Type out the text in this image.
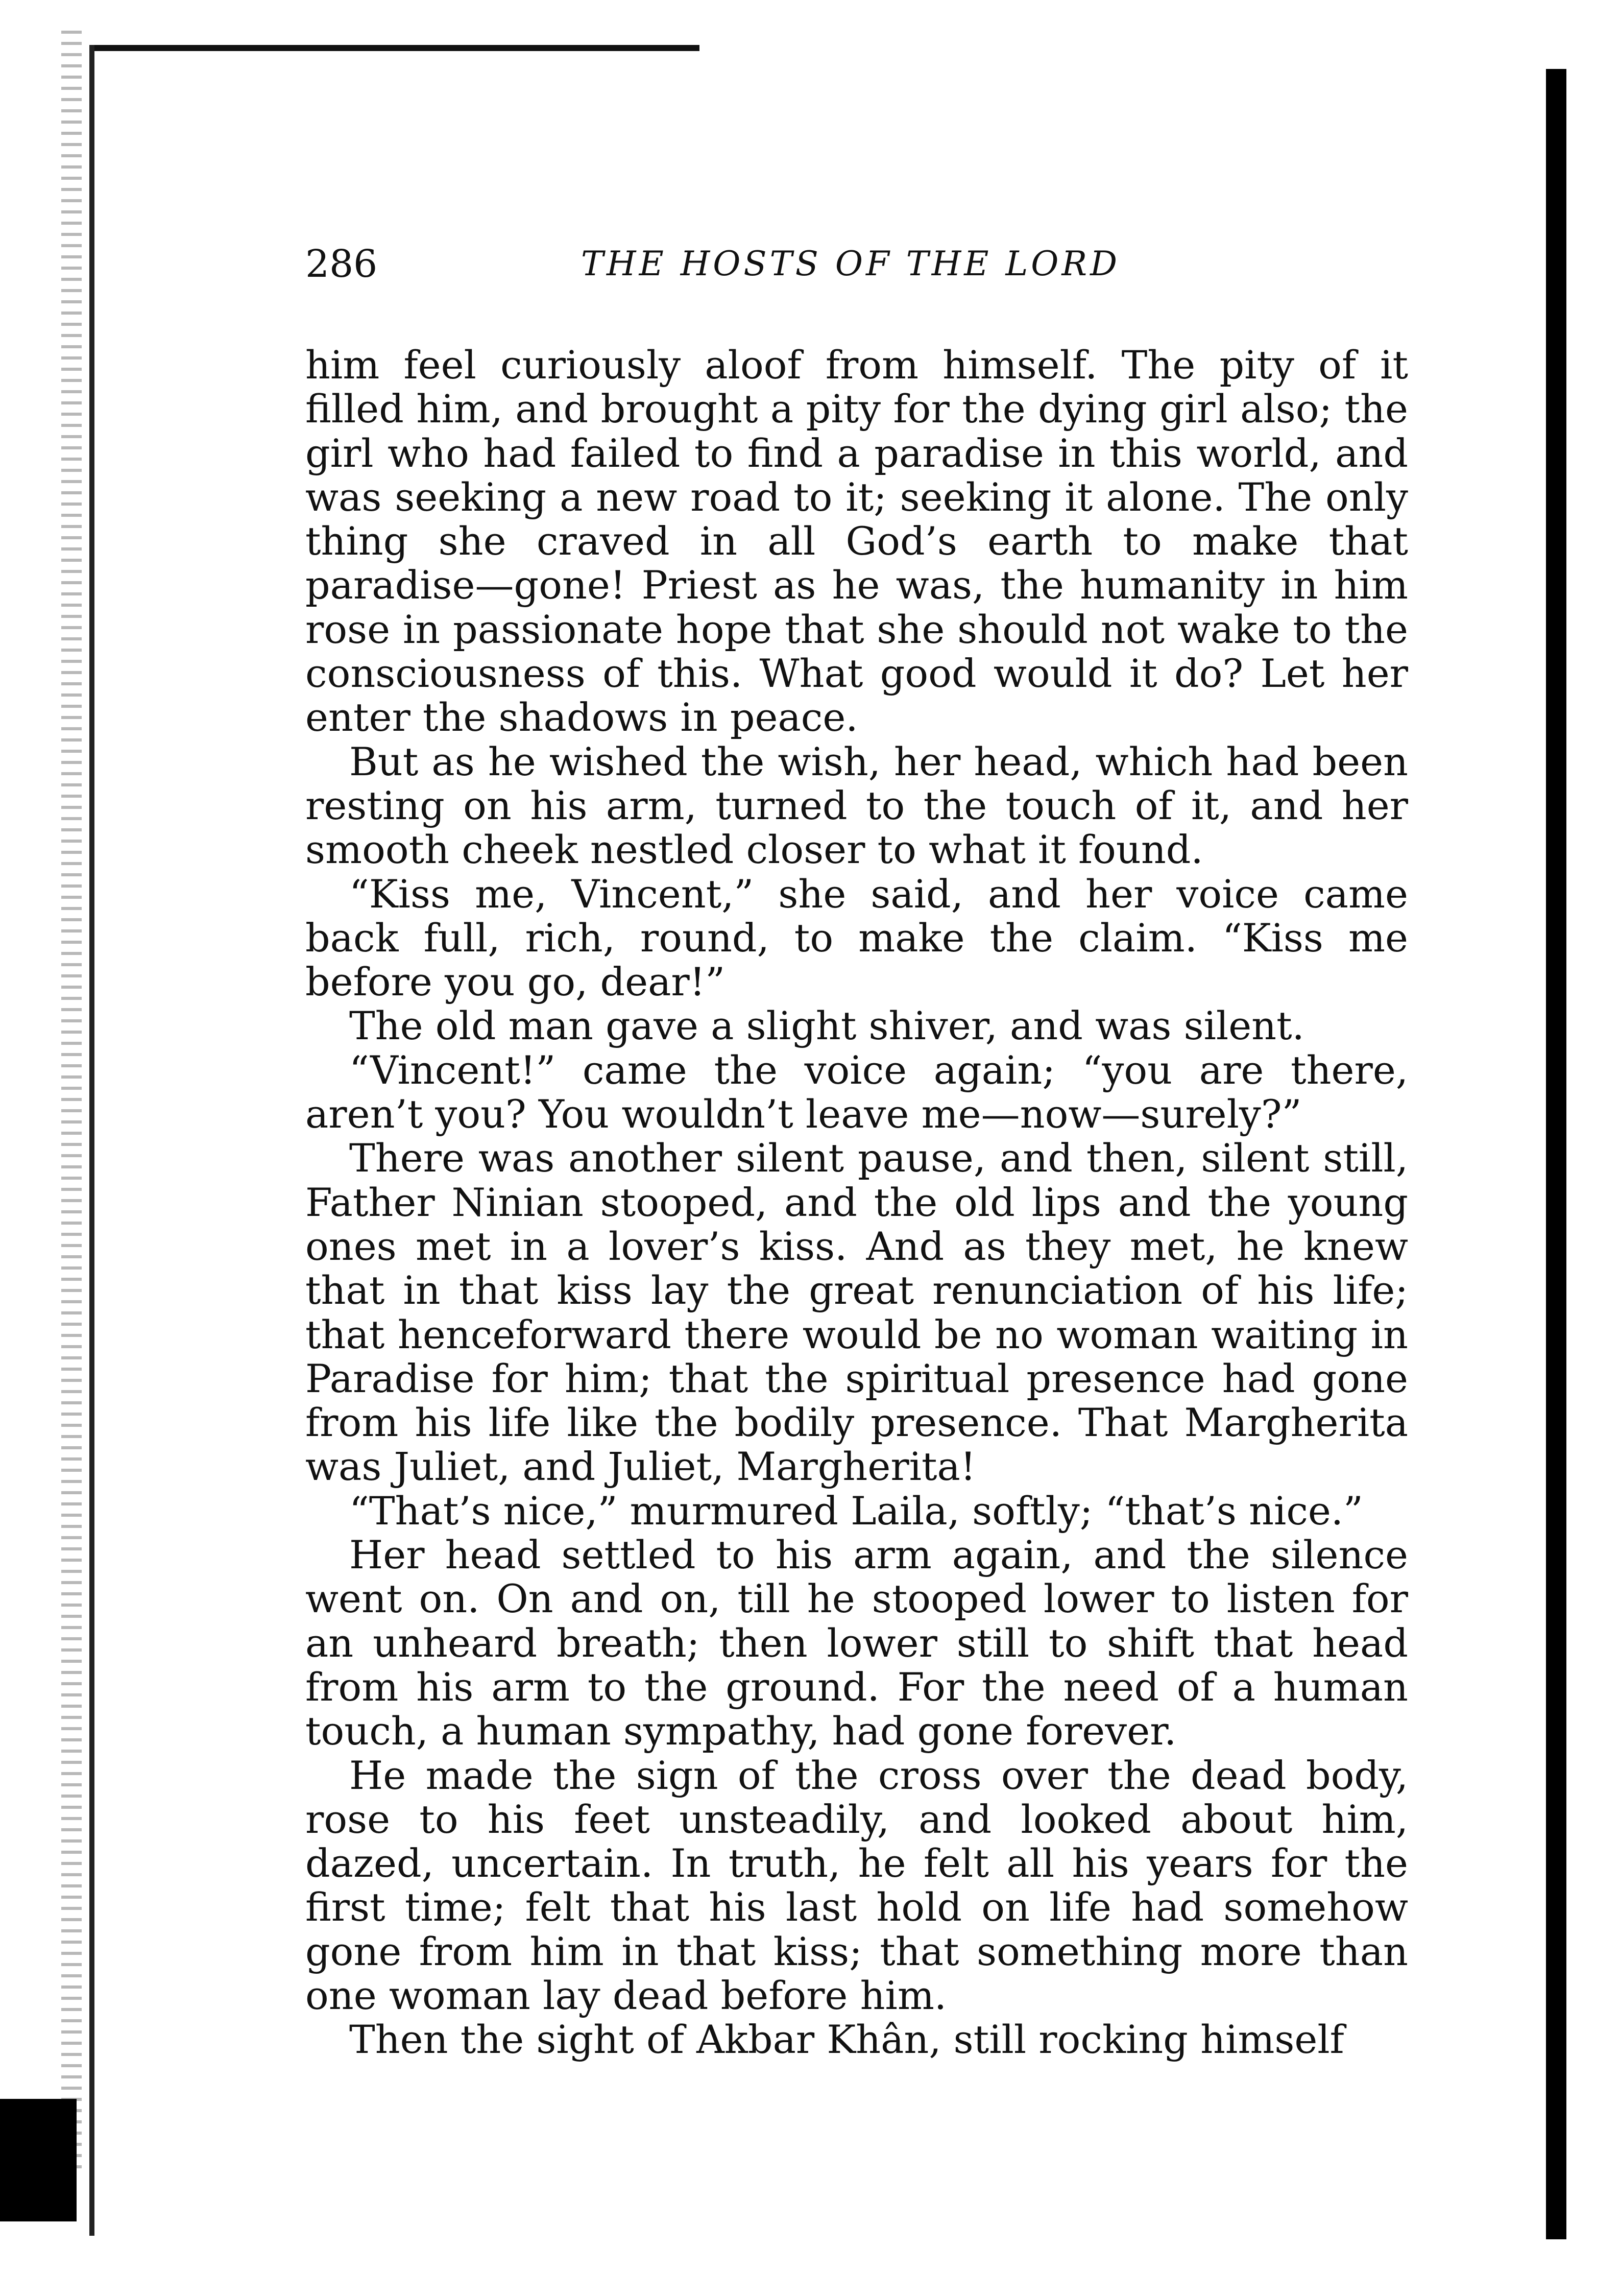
286	THE HOSTS OF THE LORD

him feel curiously aloof from himself. The pity of it filled him, and brought a pity for the dying girl also; the girl who had failed to find a paradise in this world, and was seeking a new road to it; seeking it alone. The only thing she craved in all God’s earth to make that paradise—gone! Priest as he was, the humanity in him rose in passionate hope that she should not wake to the consciousness of this. What good would it do? Let her enter the shadows in peace.

But as he wished the wish, her head, which had been resting on his arm, turned to the touch of it, and her smooth cheek nestled closer to what it found.

“Kiss me, Vincent,” she said, and her voice came back full, rich, round, to make the claim. “Kiss me before you go, dear!”

The old man gave a slight shiver, and was silent.

“Vincent!” came the voice again; “you are there, aren’t you? You wouldn’t leave me—now—surely?”

There was another silent pause, and then, silent still, Father Ninian stooped, and the old lips and the young ones met in a lover’s kiss. And as they met, he knew that in that kiss lay the great renunciation of his life; that henceforward there would be no woman waiting in Paradise for him; that the spiritual presence had gone from his life like the bodily presence. That Margherita was Juliet, and Juliet, Margherita!

“That’s nice,” murmured Laila, softly; “that’s nice.”

Her head settled to his arm again, and the silence went on. On and on, till he stooped lower to listen for an unheard breath; then lower still to shift that head from his arm to the ground. For the need of a human touch, a human sympathy, had gone forever.

He made the sign of the cross over the dead body, rose to his feet unsteadily, and looked about him, dazed, uncertain. In truth, he felt all his years for the first time; felt that his last hold on life had somehow gone from him in that kiss; that something more than one woman lay dead before him.

Then the sight of Akbar Khân, still rocking himself
